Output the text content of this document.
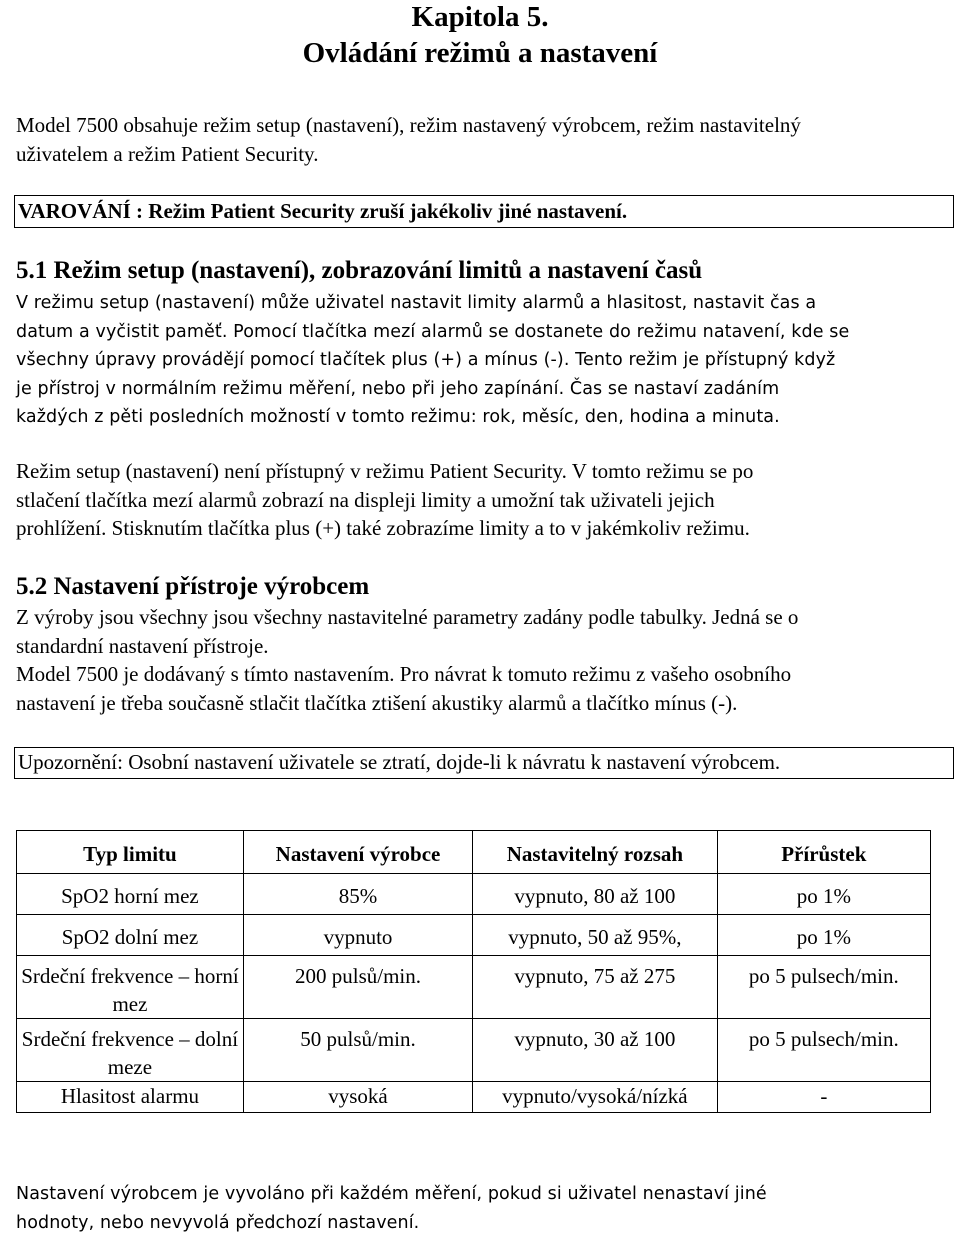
Kapitola 5.
Ovládání režimů a nastavení

Model 7500 obsahuje režim setup (nastavení), režim nastavený výrobcem, režim nastavitelný
uživatelem a režim Patient Security.

VAROVÁNÍ : Režim Patient Security zruší jakékoliv jiné nastavení.
5.1 Režim setup (nastavení), zobrazování limitů a nastavení časů

V režimu setup (nastavení) může uživatel nastavit limity alarmů a hlasitost, nastavit čas a
datum a vyčistit paměť. Pomocí tlačítka mezí alarmů se dostanete do režimu natavení, kde se
všechny úpravy provádějí pomocí tlačítek plus (+) a mínus (-). Tento režim je přístupný když
je přístroj v normálním režimu měření, nebo při jeho zapínání. Čas se nastaví zadáním
každých z pěti posledních možností v tomto režimu: rok, měsíc, den, hodina a minuta.

Režim setup (nastavení) není přístupný v režimu Patient Security. V tomto režimu se po
stlačení tlačítka mezí alarmů zobrazí na displeji limity a umožní tak uživateli jejich
prohlížení. Stisknutím tlačítka plus (+) také zobrazíme limity a to v jakémkoliv režimu.

5.2 Nastavení přístroje výrobcem

Z výroby jsou všechny jsou všechny nastavitelné parametry zadány podle tabulky. Jedná se o
standardní nastavení přístroje.

Model 7500 je dodávaný s tímto nastavením. Pro návrat k tomuto režimu z vašeho osobního
nastavení je třeba současně stlačit tlačítka ztišení akustiky alarmů a tlačítko mínus (-).

Upozornění: Osobní nastavení uživatele se ztratí, dojde-li k návratu k nastavení výrobcem.
Typ limitu	Nastavení výrobce	Nastavitelný rozsah	Přírůstek
SpO2 horní mez	85%	vypnuto, 80 až 100	po 1%
SpO2 dolní mez	vypnuto	vypnuto, 50 až 95%,	po 1%
Srdeční frekvence – horní mez	200 pulsů/min.	vypnuto, 75 až 275	po 5 pulsech/min.
Srdeční frekvence – dolní meze	50 pulsů/min.	vypnuto, 30 až 100	po 5 pulsech/min.
Hlasitost alarmu	vysoká	vypnuto/vysoká/nízká	-

Nastavení výrobcem je vyvoláno při každém měření, pokud si uživatel nenastaví jiné
hodnoty, nebo nevyvolá předchozí nastavení.
